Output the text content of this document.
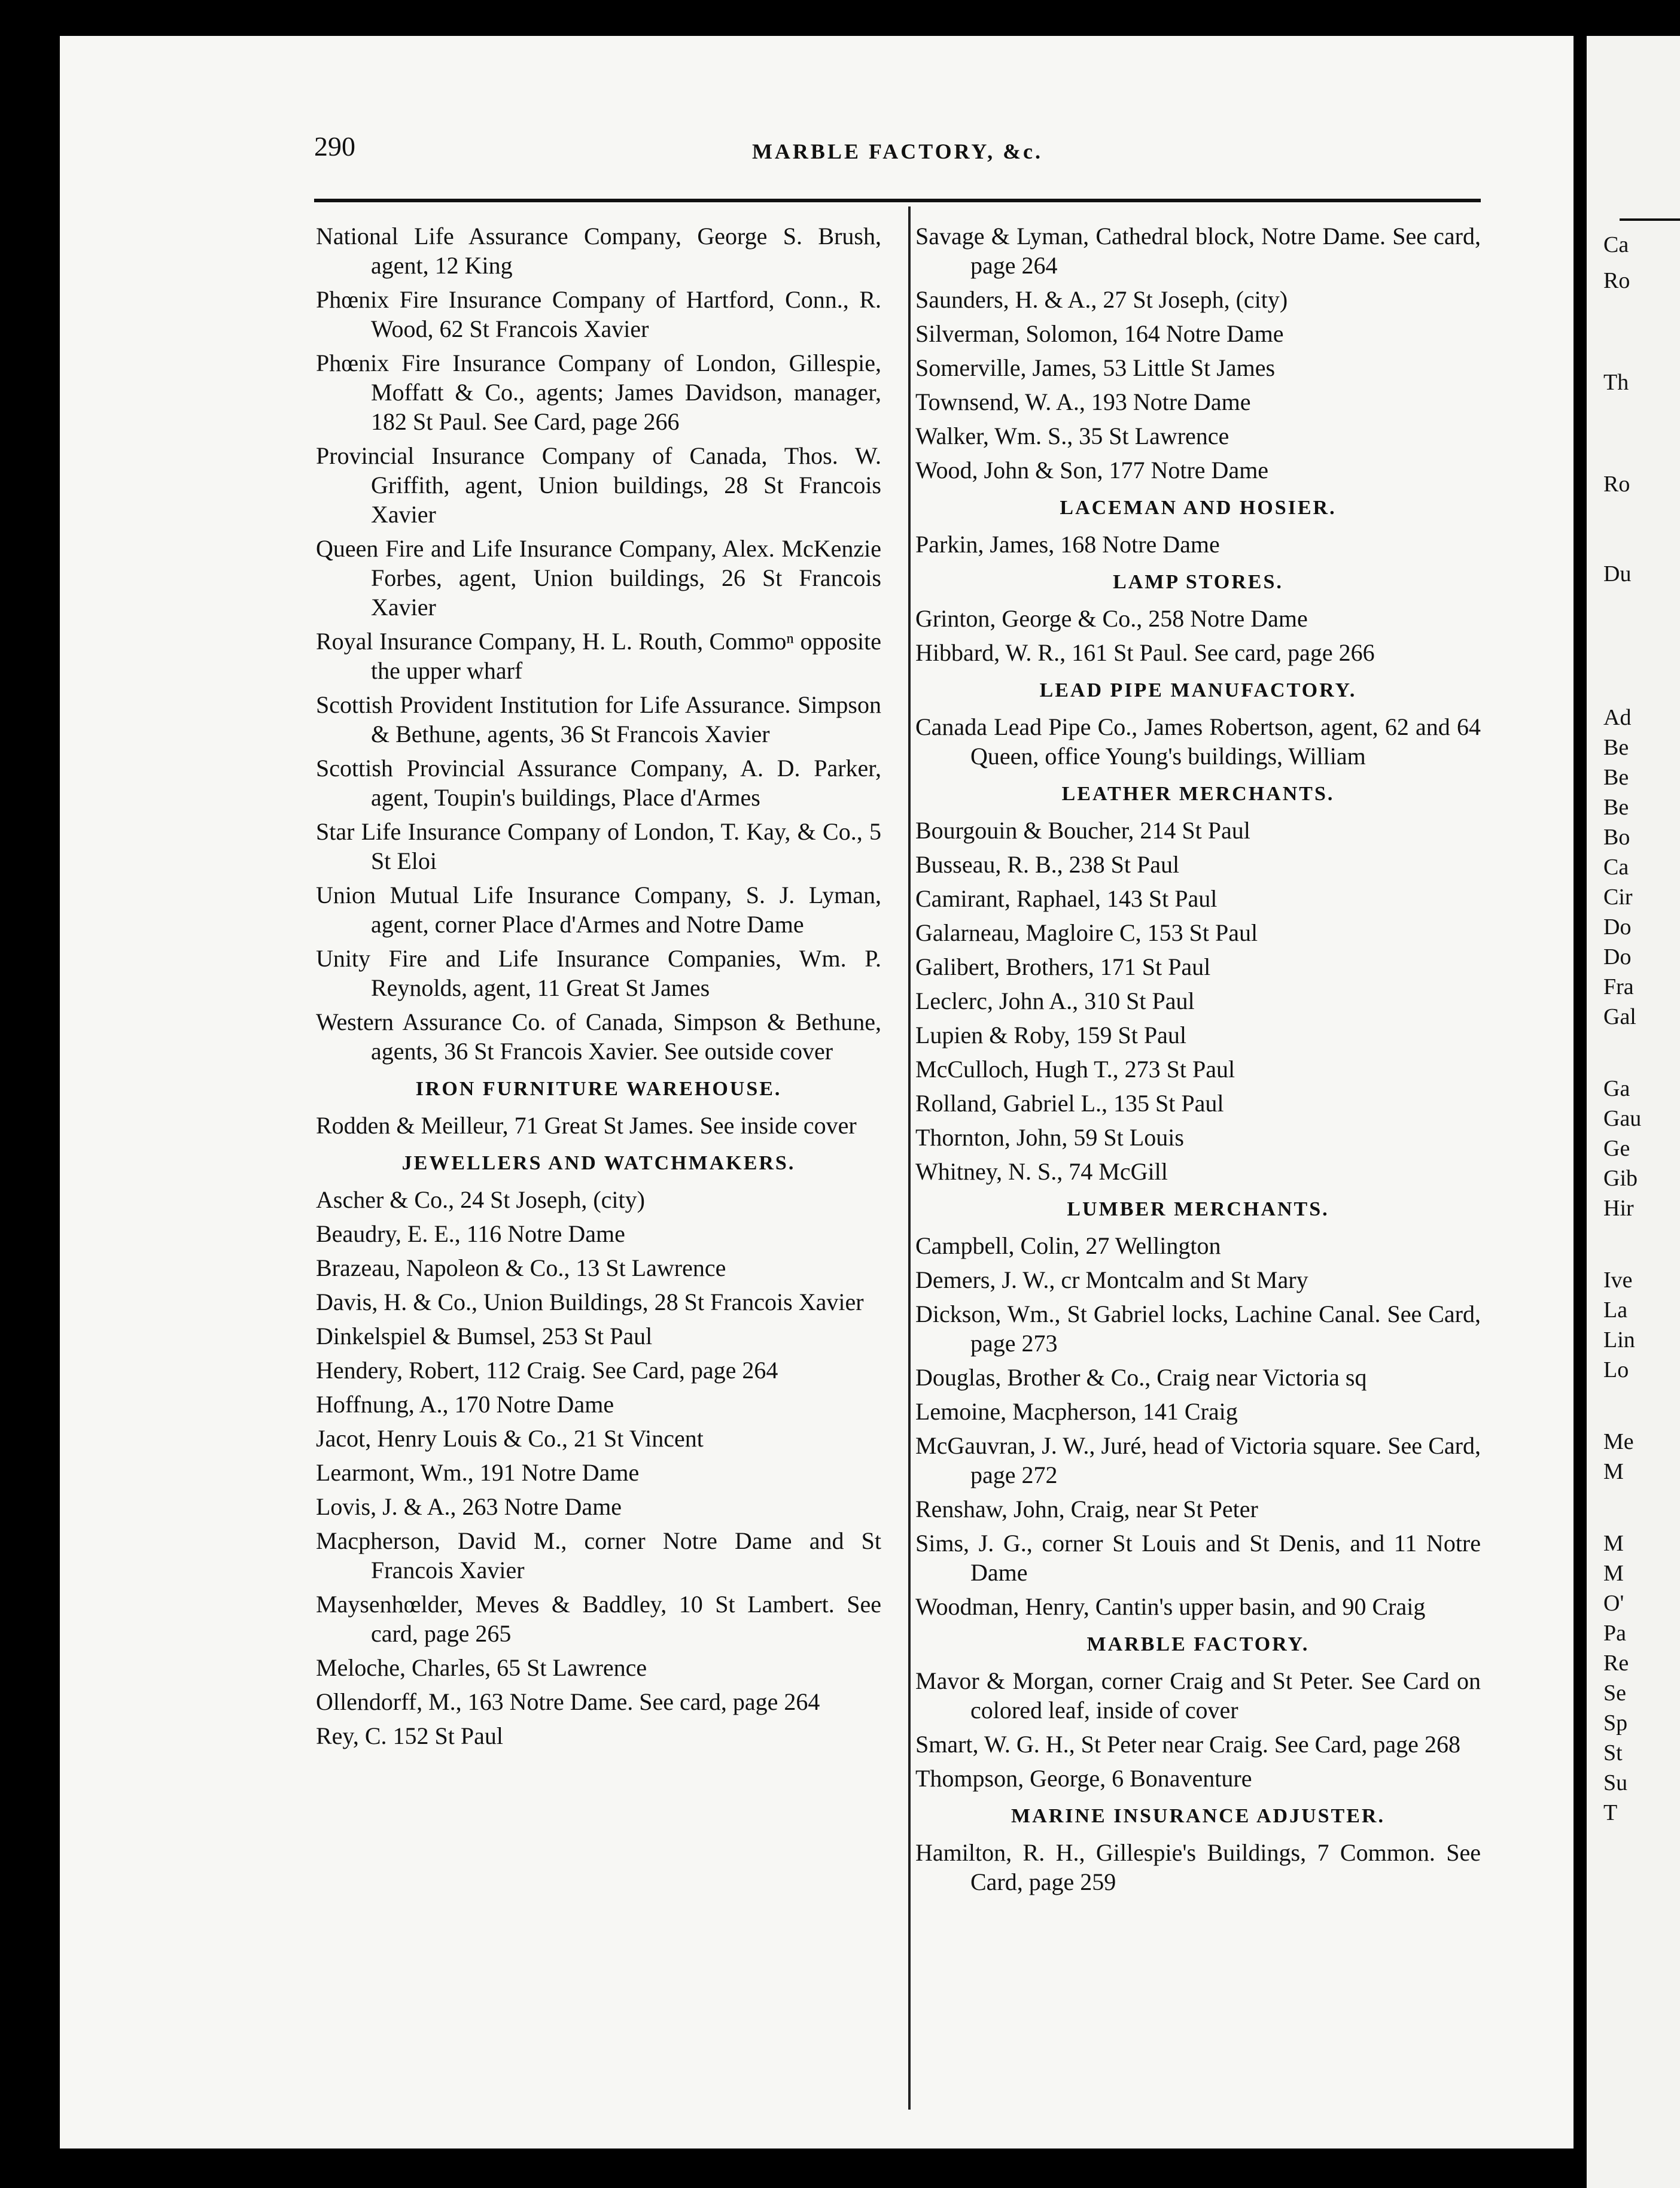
Ca
Ro
Th
Ro
Du
Ad
Be
Be
Be
Bo
Ca
Cir
Do
Do
Fra
Gal
Ga
Gau
Ge
Gib
Hir
Ive
La
Lin
Lo
Me
M
M
M
O'
Pa
Re
Se
Sp
St
Su
T
290	MARBLE FACTORY, &c.
National Life Assurance Company, George S. Brush, agent, 12 King
Phœnix Fire Insurance Company of Hartford, Conn., R. Wood, 62 St Francois Xavier
Phœnix Fire Insurance Company of London, Gillespie, Moffatt & Co., agents; James Davidson, manager, 182 St Paul. See Card, page 266
Provincial Insurance Company of Canada, Thos. W. Griffith, agent, Union buildings, 28 St Francois Xavier
Queen Fire and Life Insurance Company, Alex. McKenzie Forbes, agent, Union buildings, 26 St Francois Xavier
Royal Insurance Company, H. L. Routh, Commoⁿ opposite the upper wharf
Scottish Provident Institution for Life Assurance. Simpson & Bethune, agents, 36 St Francois Xavier
Scottish Provincial Assurance Company, A. D. Parker, agent, Toupin's buildings, Place d'Armes
Star Life Insurance Company of London, T. Kay, & Co., 5 St Eloi
Union Mutual Life Insurance Company, S. J. Lyman, agent, corner Place d'Armes and Notre Dame
Unity Fire and Life Insurance Companies, Wm. P. Reynolds, agent, 11 Great St James
Western Assurance Co. of Canada, Simpson & Bethune, agents, 36 St Francois Xavier. See outside cover
IRON FURNITURE WAREHOUSE.
Rodden & Meilleur, 71 Great St James. See inside cover
JEWELLERS AND WATCHMAKERS.
Ascher & Co., 24 St Joseph, (city)
Beaudry, E. E., 116 Notre Dame
Brazeau, Napoleon & Co., 13 St Lawrence
Davis, H. & Co., Union Buildings, 28 St Francois Xavier
Dinkelspiel & Bumsel, 253 St Paul
Hendery, Robert, 112 Craig. See Card, page 264
Hoffnung, A., 170 Notre Dame
Jacot, Henry Louis & Co., 21 St Vincent
Learmont, Wm., 191 Notre Dame
Lovis, J. & A., 263 Notre Dame
Macpherson, David M., corner Notre Dame and St Francois Xavier
Maysenhœlder, Meves & Baddley, 10 St Lambert. See card, page 265
Meloche, Charles, 65 St Lawrence
Ollendorff, M., 163 Notre Dame. See card, page 264
Rey, C. 152 St Paul
Savage & Lyman, Cathedral block, Notre Dame. See card, page 264
Saunders, H. & A., 27 St Joseph, (city)
Silverman, Solomon, 164 Notre Dame
Somerville, James, 53 Little St James
Townsend, W. A., 193 Notre Dame
Walker, Wm. S., 35 St Lawrence
Wood, John & Son, 177 Notre Dame
LACEMAN AND HOSIER.
Parkin, James, 168 Notre Dame
LAMP STORES.
Grinton, George & Co., 258 Notre Dame
Hibbard, W. R., 161 St Paul. See card, page 266
LEAD PIPE MANUFACTORY.
Canada Lead Pipe Co., James Robertson, agent, 62 and 64 Queen, office Young's buildings, William
LEATHER MERCHANTS.
Bourgouin & Boucher, 214 St Paul
Busseau, R. B., 238 St Paul
Camirant, Raphael, 143 St Paul
Galarneau, Magloire C, 153 St Paul
Galibert, Brothers, 171 St Paul
Leclerc, John A., 310 St Paul
Lupien & Roby, 159 St Paul
McCulloch, Hugh T., 273 St Paul
Rolland, Gabriel L., 135 St Paul
Thornton, John, 59 St Louis
Whitney, N. S., 74 McGill
LUMBER MERCHANTS.
Campbell, Colin, 27 Wellington
Demers, J. W., cr Montcalm and St Mary
Dickson, Wm., St Gabriel locks, Lachine Canal. See Card, page 273
Douglas, Brother & Co., Craig near Victoria sq
Lemoine, Macpherson, 141 Craig
McGauvran, J. W., Juré, head of Victoria square. See Card, page 272
Renshaw, John, Craig, near St Peter
Sims, J. G., corner St Louis and St Denis, and 11 Notre Dame
Woodman, Henry, Cantin's upper basin, and 90 Craig
MARBLE FACTORY.
Mavor & Morgan, corner Craig and St Peter. See Card on colored leaf, inside of cover
Smart, W. G. H., St Peter near Craig. See Card, page 268
Thompson, George, 6 Bonaventure
MARINE INSURANCE ADJUSTER.
Hamilton, R. H., Gillespie's Buildings, 7 Common. See Card, page 259
